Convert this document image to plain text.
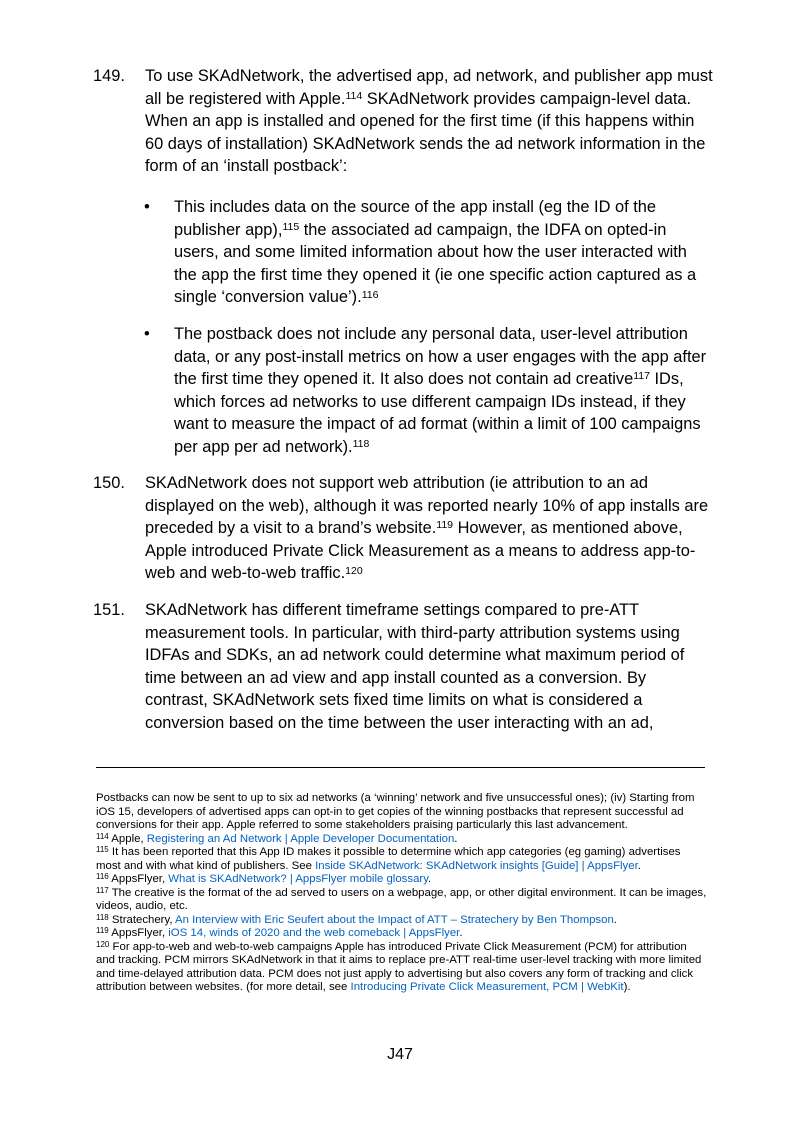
149. To use SKAdNetwork, the advertised app, ad network, and publisher app must all be registered with Apple.$^{114}$ SKAdNetwork provides campaign-level data. When an app is installed and opened for the first time (if this happens within 60 days of installation) SKAdNetwork sends the ad network information in the form of an ‘install postback’:
• This includes data on the source of the app install (eg the ID of the publisher app),$^{115}$ the associated ad campaign, the IDFA on opted-in users, and some limited information about how the user interacted with the app the first time they opened it (ie one specific action captured as a single ‘conversion value’).$^{116}$
• The postback does not include any personal data, user-level attribution data, or any post-install metrics on how a user engages with the app after the first time they opened it. It also does not contain ad creative$^{117}$ IDs, which forces ad networks to use different campaign IDs instead, if they want to measure the impact of ad format (within a limit of 100 campaigns per app per ad network).$^{118}$
150. SKAdNetwork does not support web attribution (ie attribution to an ad displayed on the web), although it was reported nearly 10% of app installs are preceded by a visit to a brand’s website.$^{119}$ However, as mentioned above, Apple introduced Private Click Measurement as a means to address app-to-web and web-to-web traffic.$^{120}$
151. SKAdNetwork has different timeframe settings compared to pre-ATT measurement tools. In particular, with third-party attribution systems using IDFAs and SDKs, an ad network could determine what maximum period of time between an ad view and app install counted as a conversion. By contrast, SKAdNetwork sets fixed time limits on what is considered a conversion based on the time between the user interacting with an ad,

Postbacks can now be sent to up to six ad networks (a ‘winning’ network and five unsuccessful ones); (iv) Starting from iOS 15, developers of advertised apps can opt-in to get copies of the winning postbacks that represent successful ad conversions for their app. Apple referred to some stakeholders praising particularly this last advancement.

$^{114}$ Apple, Registering an Ad Network | Apple Developer Documentation.

$^{115}$ It has been reported that this App ID makes it possible to determine which app categories (eg gaming) advertises most and with what kind of publishers. See Inside SKAdNetwork: SKAdNetwork insights [Guide] | AppsFlyer.

$^{116}$ AppsFlyer, What is SKAdNetwork? | AppsFlyer mobile glossary.

$^{117}$ The creative is the format of the ad served to users on a webpage, app, or other digital environment. It can be images, videos, audio, etc.

$^{118}$ Stratechery, An Interview with Eric Seufert about the Impact of ATT – Stratechery by Ben Thompson.

$^{119}$ AppsFlyer, iOS 14, winds of 2020 and the web comeback | AppsFlyer.

$^{120}$ For app-to-web and web-to-web campaigns Apple has introduced Private Click Measurement (PCM) for attribution and tracking. PCM mirrors SKAdNetwork in that it aims to replace pre-ATT real-time user-level tracking with more limited and time-delayed attribution data. PCM does not just apply to advertising but also covers any form of tracking and click attribution between websites. (for more detail, see Introducing Private Click Measurement, PCM | WebKit).

J47
